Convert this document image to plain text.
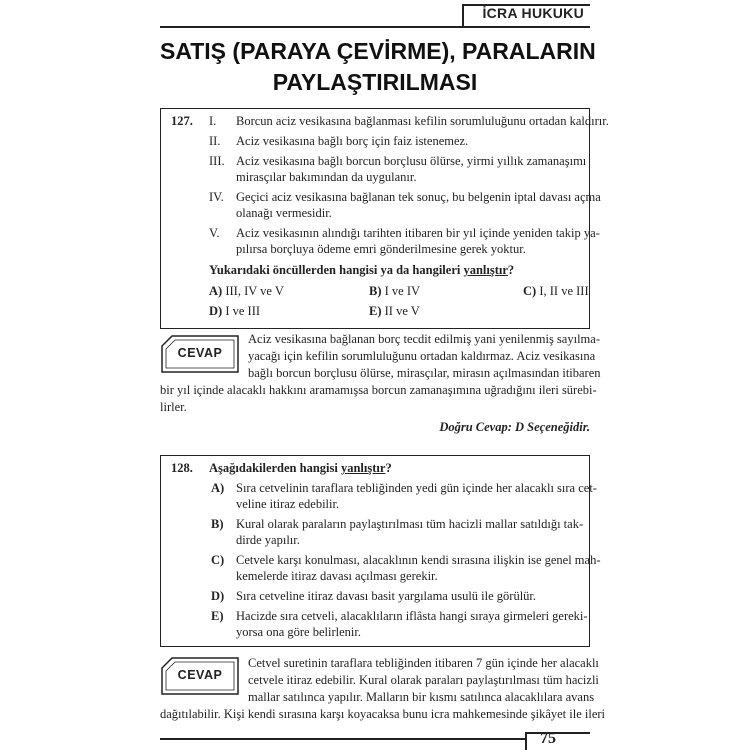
İCRA HUKUKU
SATIŞ (PARAYA ÇEVİRME), PARALARIN
PAYLAŞTIRILMASI
127. I. Borcun aciz vesikasına bağlanması kefilin sorumluluğunu ortadan kaldırır.
II. Aciz vesikasına bağlı borç için faiz istenemez.
III. Aciz vesikasına bağlı borcun borçlusu ölürse, yirmi yıllık zamanaşımı
mirasçılar bakımından da uygulanır.
IV. Geçici aciz vesikasına bağlanan tek sonuç, bu belgenin iptal davası açma
olanağı vermesidir.
V. Aciz vesikasının alındığı tarihten itibaren bir yıl içinde yeniden takip ya-
pılırsa borçluya ödeme emri gönderilmesine gerek yoktur.
Yukarıdaki öncüllerden hangisi ya da hangileri yanlıştır?
A) III, IV ve V	B) I ve IV	C) I, II ve III
D) I ve III	E) II ve V
CEVAP
Aciz vesikasına bağlanan borç tecdit edilmiş yani yenilenmiş sayılma-
yacağı için kefilin sorumluluğunu ortadan kaldırmaz. Aciz vesikasına
bağlı borcun borçlusu ölürse, mirasçılar, mirasın açılmasından itibaren
bir yıl içinde alacaklı hakkını aramamışsa borcun zamanaşımına uğradığını ileri sürebi-
lirler.
Doğru Cevap: D Seçeneğidir.
128. Aşağıdakilerden hangisi yanlıştır?
A) Sıra cetvelinin taraflara tebliğinden yedi gün içinde her alacaklı sıra cet-
veline itiraz edebilir.
B) Kural olarak paraların paylaştırılması tüm hacizli mallar satıldığı tak-
dirde yapılır.
C) Cetvele karşı konulması, alacaklının kendi sırasına ilişkin ise genel mah-
kemelerde itiraz davası açılması gerekir.
D) Sıra cetveline itiraz davası basit yargılama usulü ile görülür.
E) Hacizde sıra cetveli, alacaklıların iflâsta hangi sıraya girmeleri gereki-
yorsa ona göre belirlenir.
CEVAP
Cetvel suretinin taraflara tebliğinden itibaren 7 gün içinde her alacaklı
cetvele itiraz edebilir. Kural olarak paraları paylaştırılması tüm hacizli
mallar satılınca yapılır. Malların bir kısmı satılınca alacaklılara avans
dağıtılabilir. Kişi kendi sırasına karşı koyacaksa bunu icra mahkemesinde şikâyet ile ileri
75
